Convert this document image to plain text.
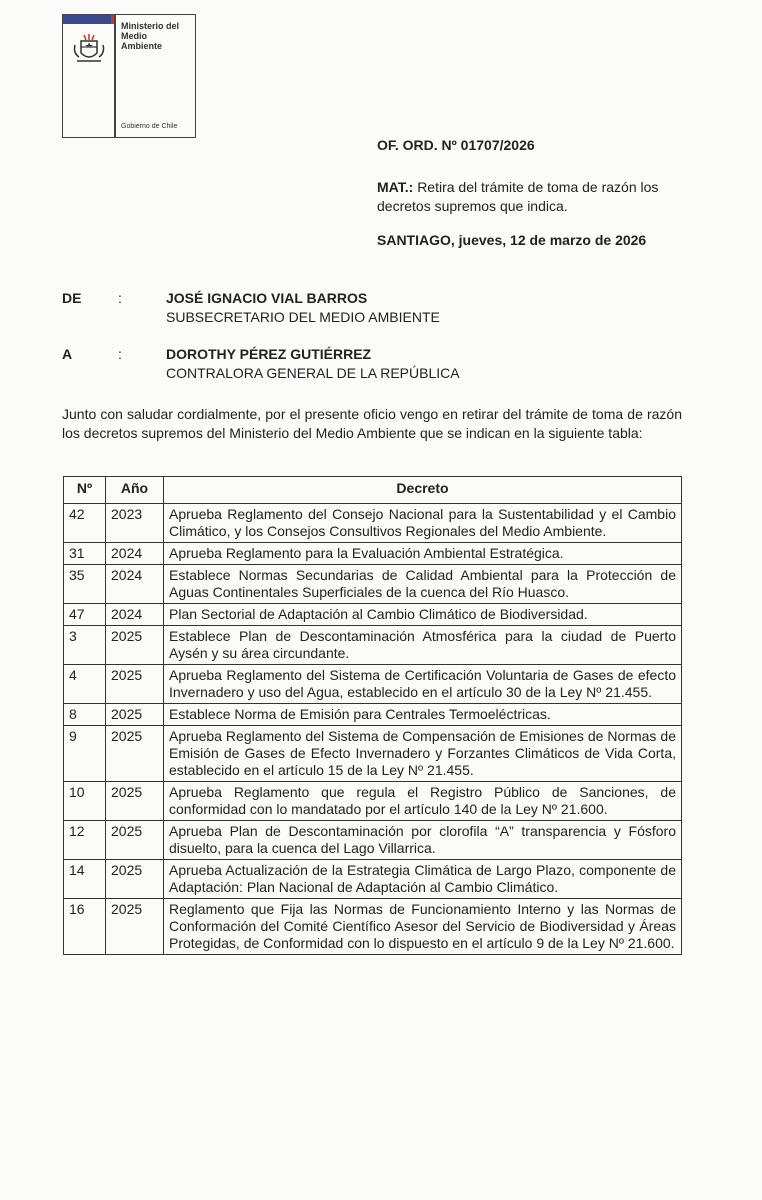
Ministerio del
Medio
Ambiente
Gobierno de Chile
OF. ORD. Nº 01707/2026
MAT.: Retira del trámite de toma de razón los
decretos supremos que indica.
SANTIAGO, jueves, 12 de marzo de 2026
DE	:	JOSÉ IGNACIO VIAL BARROS
SUBSECRETARIO DEL MEDIO AMBIENTE
A	:	DOROTHY PÉREZ GUTIÉRREZ
CONTRALORA GENERAL DE LA REPÚBLICA
Junto con saludar cordialmente, por el presente oficio vengo en retirar del trámite de toma de razón los decretos supremos del Ministerio del Medio Ambiente que se indican en la siguiente tabla:
Nº	Año	Decreto
42	2023	Aprueba Reglamento del Consejo Nacional para la Sustentabilidad y el Cambio Climático, y los Consejos Consultivos Regionales del Medio Ambiente.
31	2024	Aprueba Reglamento para la Evaluación Ambiental Estratégica.
35	2024	Establece Normas Secundarias de Calidad Ambiental para la Protección de Aguas Continentales Superficiales de la cuenca del Río Huasco.
47	2024	Plan Sectorial de Adaptación al Cambio Climático de Biodiversidad.
3	2025	Establece Plan de Descontaminación Atmosférica para la ciudad de Puerto Aysén y su área circundante.
4	2025	Aprueba Reglamento del Sistema de Certificación Voluntaria de Gases de efecto Invernadero y uso del Agua, establecido en el artículo 30 de la Ley Nº 21.455.
8	2025	Establece Norma de Emisión para Centrales Termoeléctricas.
9	2025	Aprueba Reglamento del Sistema de Compensación de Emisiones de Normas de Emisión de Gases de Efecto Invernadero y Forzantes Climáticos de Vida Corta, establecido en el artículo 15 de la Ley Nº 21.455.
10	2025	Aprueba Reglamento que regula el Registro Público de Sanciones, de conformidad con lo mandatado por el artículo 140 de la Ley Nº 21.600.
12	2025	Aprueba Plan de Descontaminación por clorofila “A” transparencia y Fósforo disuelto, para la cuenca del Lago Villarrica.
14	2025	Aprueba Actualización de la Estrategia Climática de Largo Plazo, componente de Adaptación: Plan Nacional de Adaptación al Cambio Climático.
16	2025	Reglamento que Fija las Normas de Funcionamiento Interno y las Normas de Conformación del Comité Científico Asesor del Servicio de Biodiversidad y Áreas Protegidas, de Conformidad con lo dispuesto en el artículo 9 de la Ley Nº 21.600.
